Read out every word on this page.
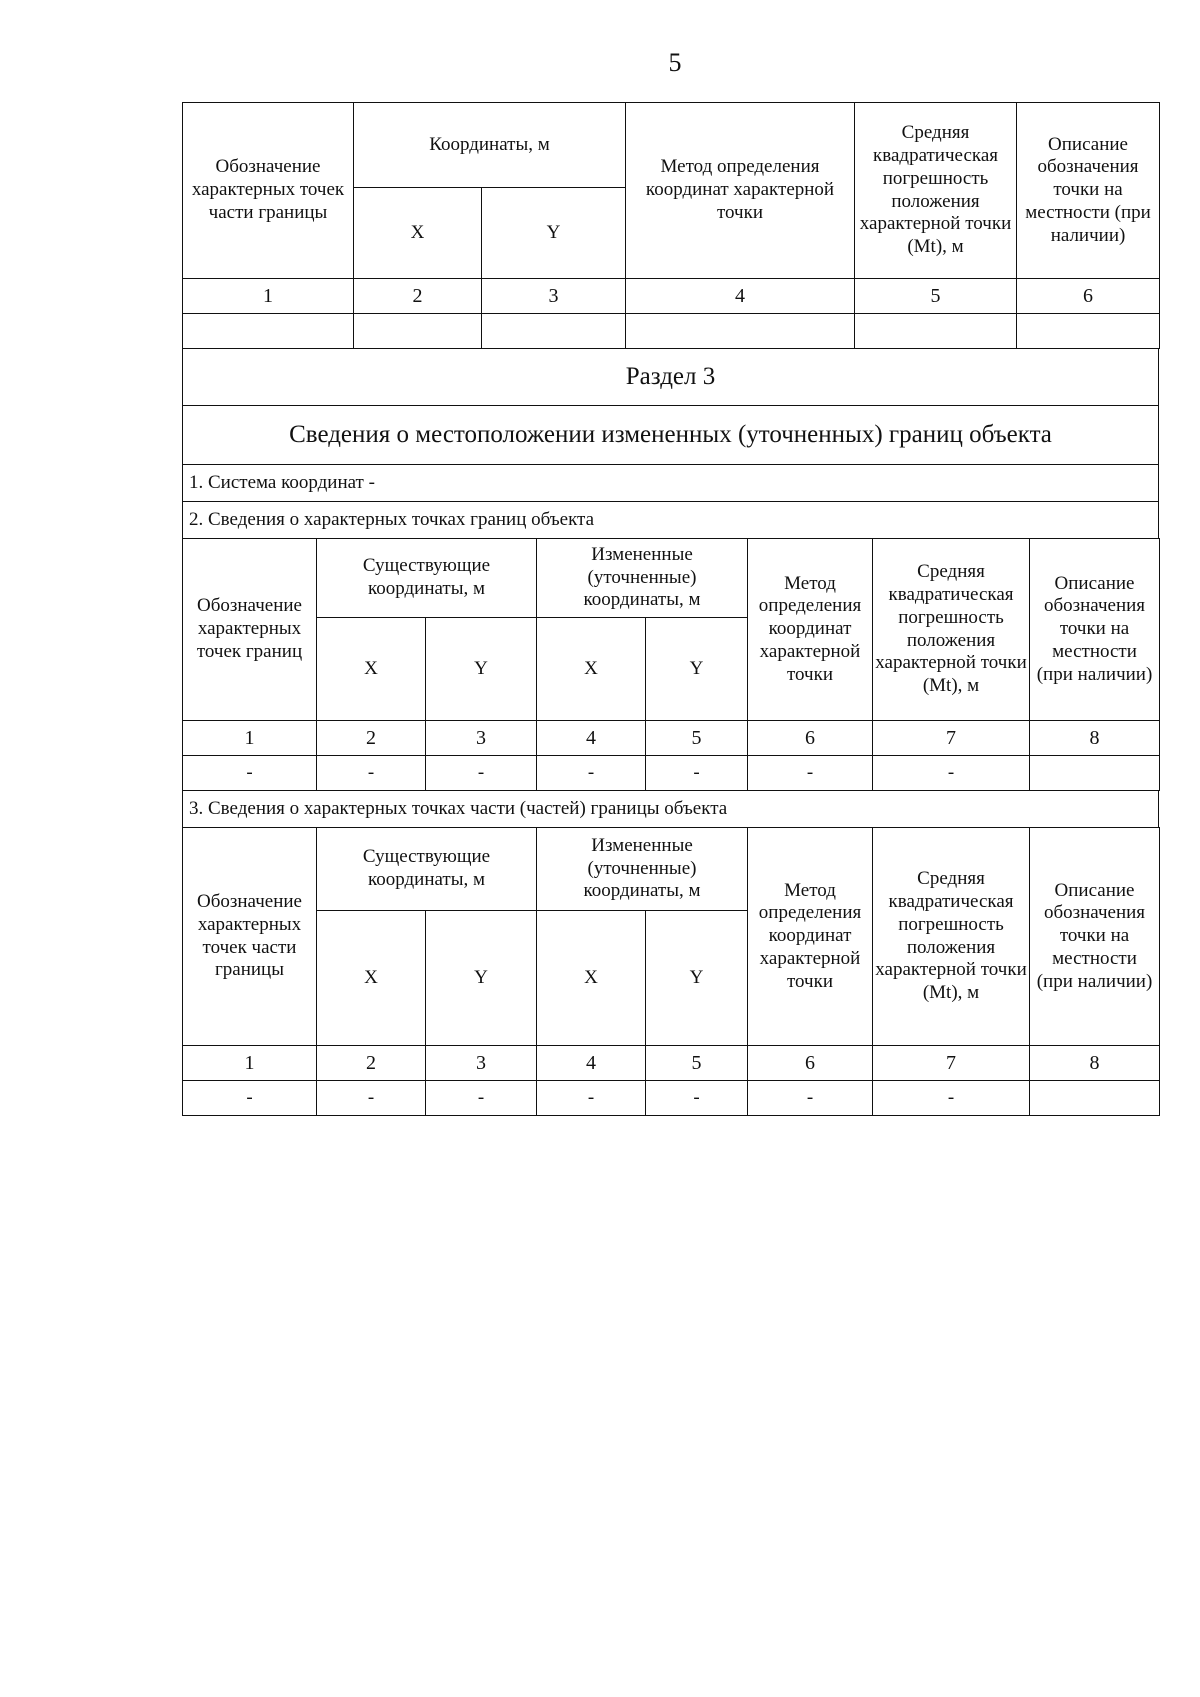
5
Обозначение характерных точек части границы	Координаты, м		Метод определения координат характерной точки	Средняя квадратическая погрешность положения характерной точки (Mt), м	Описание обозначения точки на местности (при наличии)
	X	Y			
1	2	3	4	5	6

Раздел 3
Сведения о местоположении измененных (уточненных) границ объекта
1. Система координат -
2. Сведения о характерных точках границ объекта
Обозначение характерных точек границ	Существующие координаты, м		Измененные (уточненные) координаты, м		Метод определения координат характерной точки	Средняя квадратическая погрешность положения характерной точки (Mt), м	Описание обозначения точки на местности (при наличии)
	X	Y	X	Y			
1	2	3	4	5	6	7	8
-	-	-	-	-	-	-	
3. Сведения о характерных точках части (частей) границы объекта
Обозначение характерных точек части границы	Существующие координаты, м		Измененные (уточненные) координаты, м		Метод определения координат характерной точки	Средняя квадратическая погрешность положения характерной точки (Mt), м	Описание обозначения точки на местности (при наличии)
	X	Y	X	Y			
1	2	3	4	5	6	7	8
-	-	-	-	-	-	-	
